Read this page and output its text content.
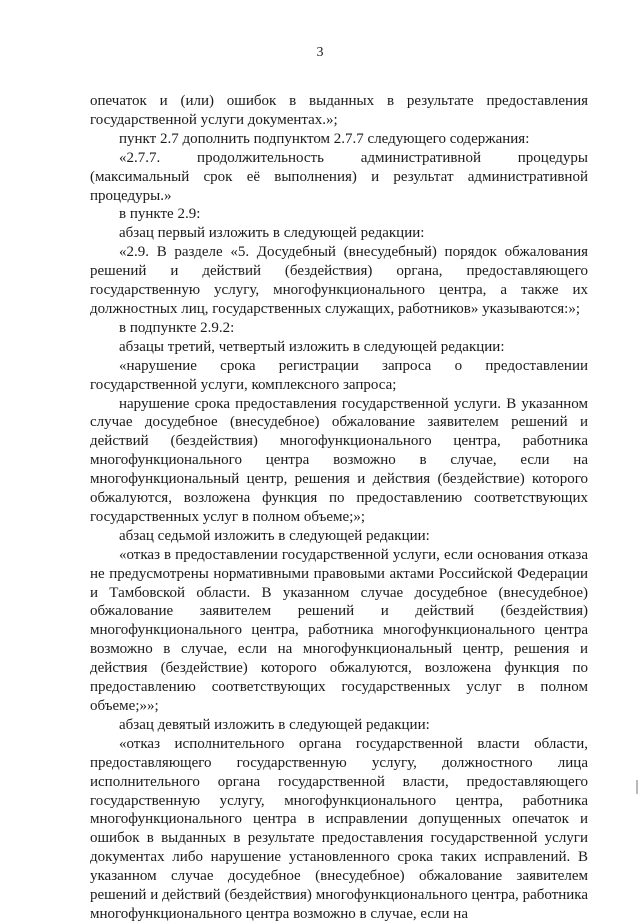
3

опечаток и (или) ошибок в выданных в результате предоставления государственной услуги документах.»;

пункт 2.7 дополнить подпунктом 2.7.7 следующего содержания:

«2.7.7. продолжительность административной процедуры (максимальный срок её выполнения) и результат административной процедуры.»

в пункте 2.9:

абзац первый изложить в следующей редакции:

«2.9. В разделе «5. Досудебный (внесудебный) порядок обжалования решений и действий (бездействия) органа, предоставляющего государственную услугу, многофункционального центра, а также их должностных лиц, государственных служащих, работников» указываются:»;

в подпункте 2.9.2:

абзацы третий, четвертый изложить в следующей редакции:

«нарушение срока регистрации запроса о предоставлении государственной услуги, комплексного запроса;

нарушение срока предоставления государственной услуги. В указанном случае досудебное (внесудебное) обжалование заявителем решений и действий (бездействия) многофункционального центра, работника многофункционального центра возможно в случае, если на многофункциональный центр, решения и действия (бездействие) которого обжалуются, возложена функция по предоставлению соответствующих государственных услуг в полном объеме;»;

абзац седьмой изложить в следующей редакции:

«отказ в предоставлении государственной услуги, если основания отказа не предусмотрены нормативными правовыми актами Российской Федерации и Тамбовской области. В указанном случае досудебное (внесудебное) обжалование заявителем решений и действий (бездействия) многофункционального центра, работника многофункционального центра возможно в случае, если на многофункциональный центр, решения и действия (бездействие) которого обжалуются, возложена функция по предоставлению соответствующих государственных услуг в полном объеме;»»;

абзац девятый изложить в следующей редакции:

«отказ исполнительного органа государственной власти области, предоставляющего государственную услугу, должностного лица исполнительного органа государственной власти, предоставляющего государственную услугу, многофункционального центра, работника многофункционального центра в исправлении допущенных опечаток и ошибок в выданных в результате предоставления государственной услуги документах либо нарушение установленного срока таких исправлений. В указанном случае досудебное (внесудебное) обжалование заявителем решений и действий (бездействия) многофункционального центра, работника многофункционального центра возможно в случае, если на
